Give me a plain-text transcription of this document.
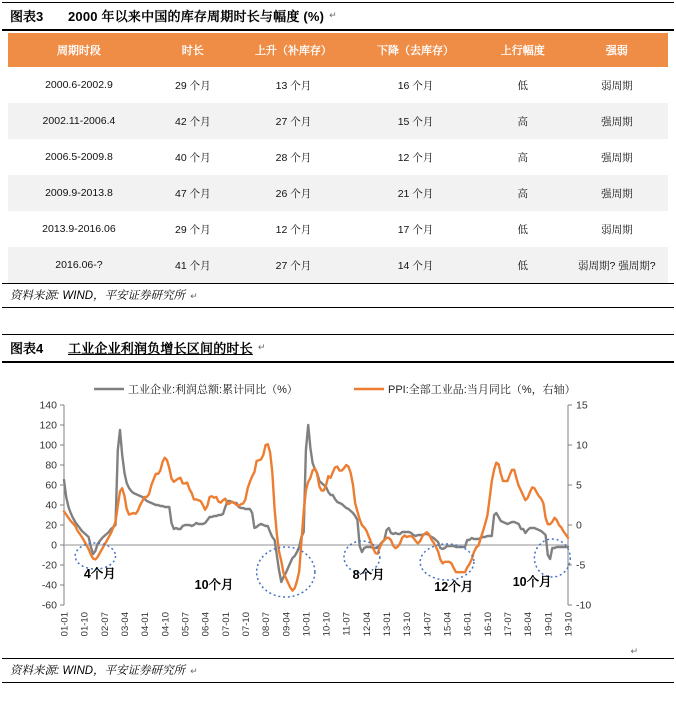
图表3	2000 年以来中国的库存周期时长与幅度 (%) ↵
周期时段	时长	上升（补库存）	下降（去库存）	上行幅度	强弱
2000.6-2002.9	29 个月	13 个月	16 个月	低	弱周期
2002.11-2006.4	42 个月	27 个月	15 个月	高	强周期
2006.5-2009.8	40 个月	28 个月	12 个月	高	强周期
2009.9-2013.8	47 个月	26 个月	21 个月	高	强周期
2013.9-2016.06	29 个月	12 个月	17 个月	低	弱周期
2016.06-?	41 个月	27 个月	14 个月	低	弱周期? 强周期?
资料来源: WIND，平安证券研究所 ↵
图表4	工业企业利润负增长区间的时长 ↵
工业企业:利润总额:累计同比（%）	PPI:全部工业品:当月同比（%，右轴）
140
120
100
80
60
40
20
0
-20
-40
-60
15
10
5
0
-5
-10
01-01 01-10 02-07 03-04 04-01 04-10 05-07 06-04 07-01 07-10 08-07 09-04 10-01 10-10 11-07 12-04 13-01 13-10 14-07 15-04 16-01 16-10 17-07 18-04 19-01 19-10
4个月
10个月
8个月
12个月	10个月
↵
资料来源: WIND，平安证券研究所 ↵
